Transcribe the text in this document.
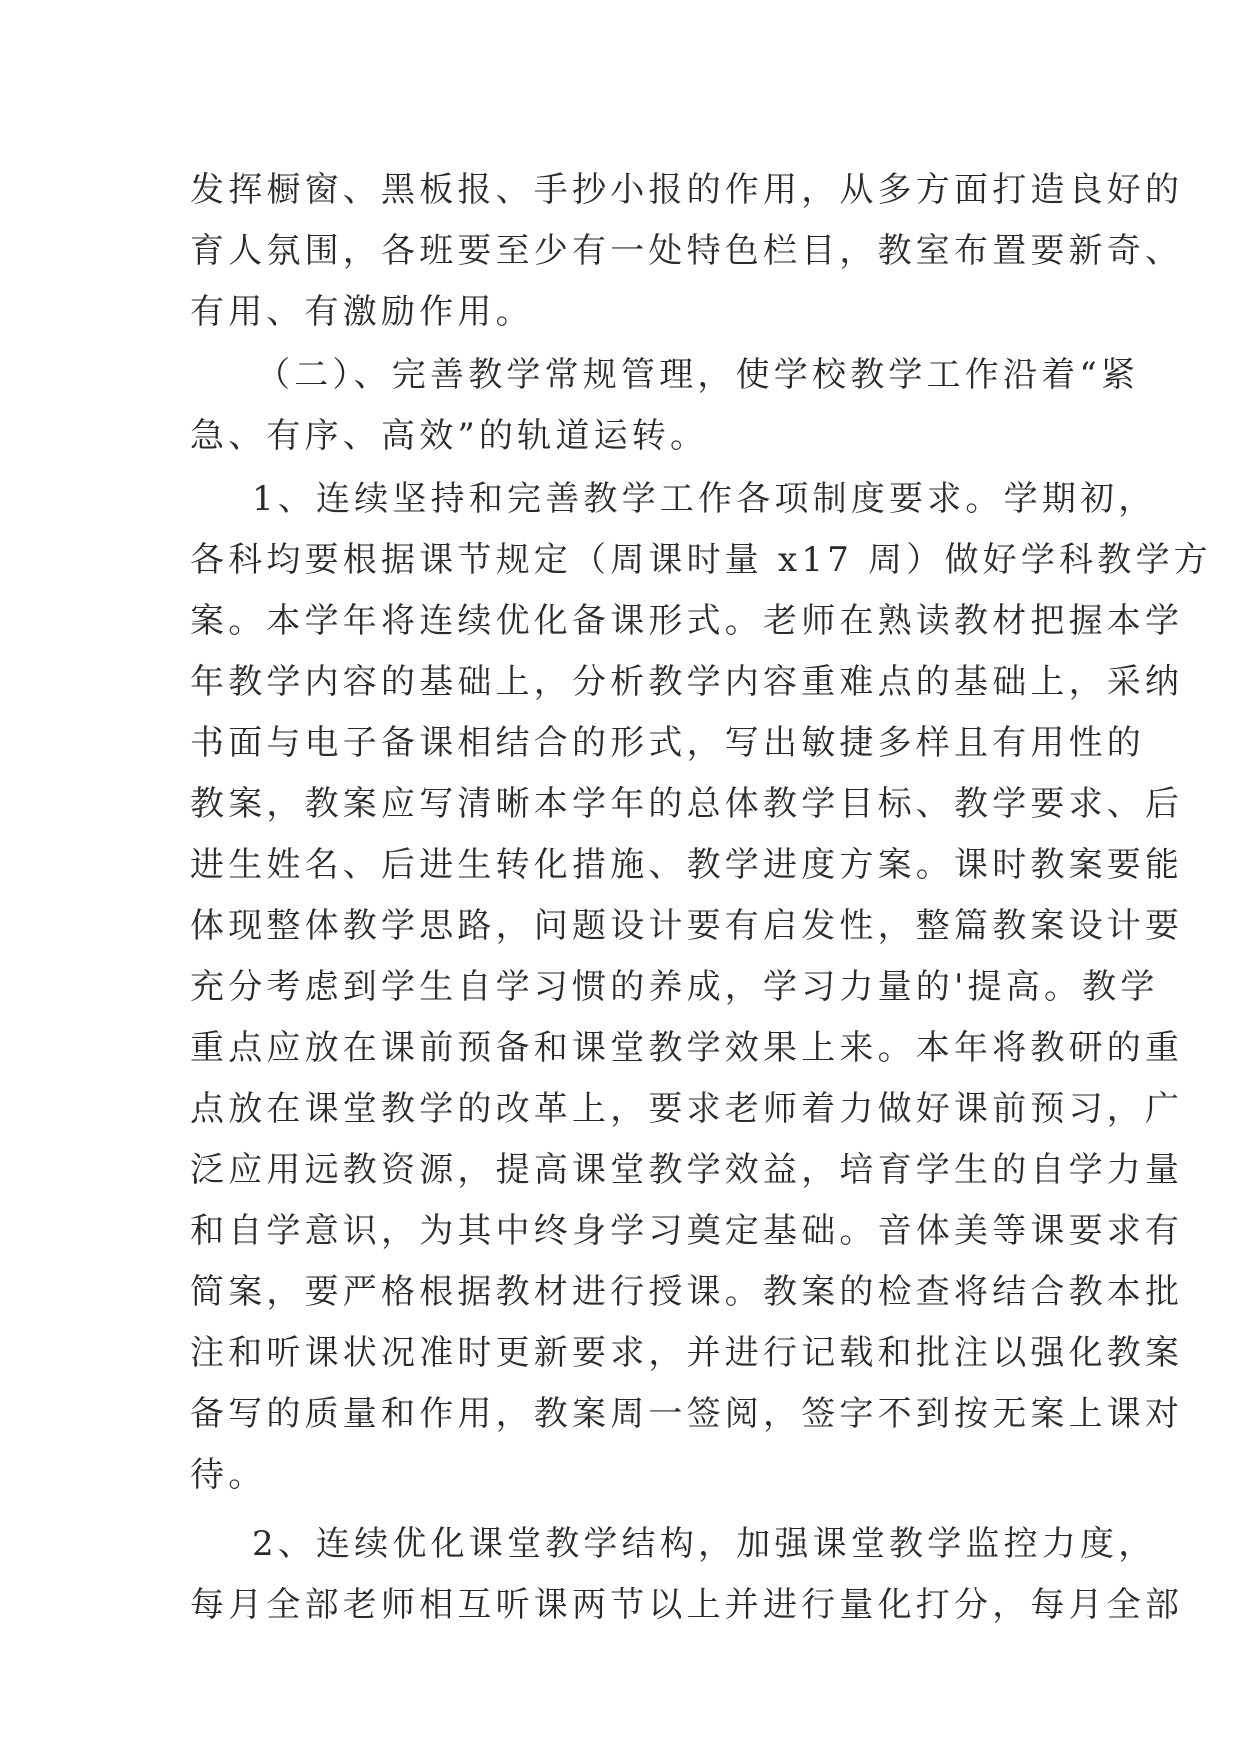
发挥橱窗、黑板报、手抄小报的作用，从多方面打造良好的
育人氛围，各班要至少有一处特色栏目，教室布置要新奇、
有用、有激励作用。
（二）、完善教学常规管理，使学校教学工作沿着“紧
急、有序、高效”的轨道运转。
1、连续坚持和完善教学工作各项制度要求。学期初，
各科均要根据课节规定（周课时量 x17 周）做好学科教学方
案。本学年将连续优化备课形式。老师在熟读教材把握本学
年教学内容的基础上，分析教学内容重难点的基础上，采纳
书面与电子备课相结合的形式，写出敏捷多样且有用性的
教案，教案应写清晰本学年的总体教学目标、教学要求、后
进生姓名、后进生转化措施、教学进度方案。课时教案要能
体现整体教学思路，问题设计要有启发性，整篇教案设计要
充分考虑到学生自学习惯的养成，学习力量的'提高。教学
重点应放在课前预备和课堂教学效果上来。本年将教研的重
点放在课堂教学的改革上，要求老师着力做好课前预习，广
泛应用远教资源，提高课堂教学效益，培育学生的自学力量
和自学意识，为其中终身学习奠定基础。音体美等课要求有
简案，要严格根据教材进行授课。教案的检查将结合教本批
注和听课状况准时更新要求，并进行记载和批注以强化教案
备写的质量和作用，教案周一签阅，签字不到按无案上课对
待。
2、连续优化课堂教学结构，加强课堂教学监控力度，
每月全部老师相互听课两节以上并进行量化打分，每月全部
